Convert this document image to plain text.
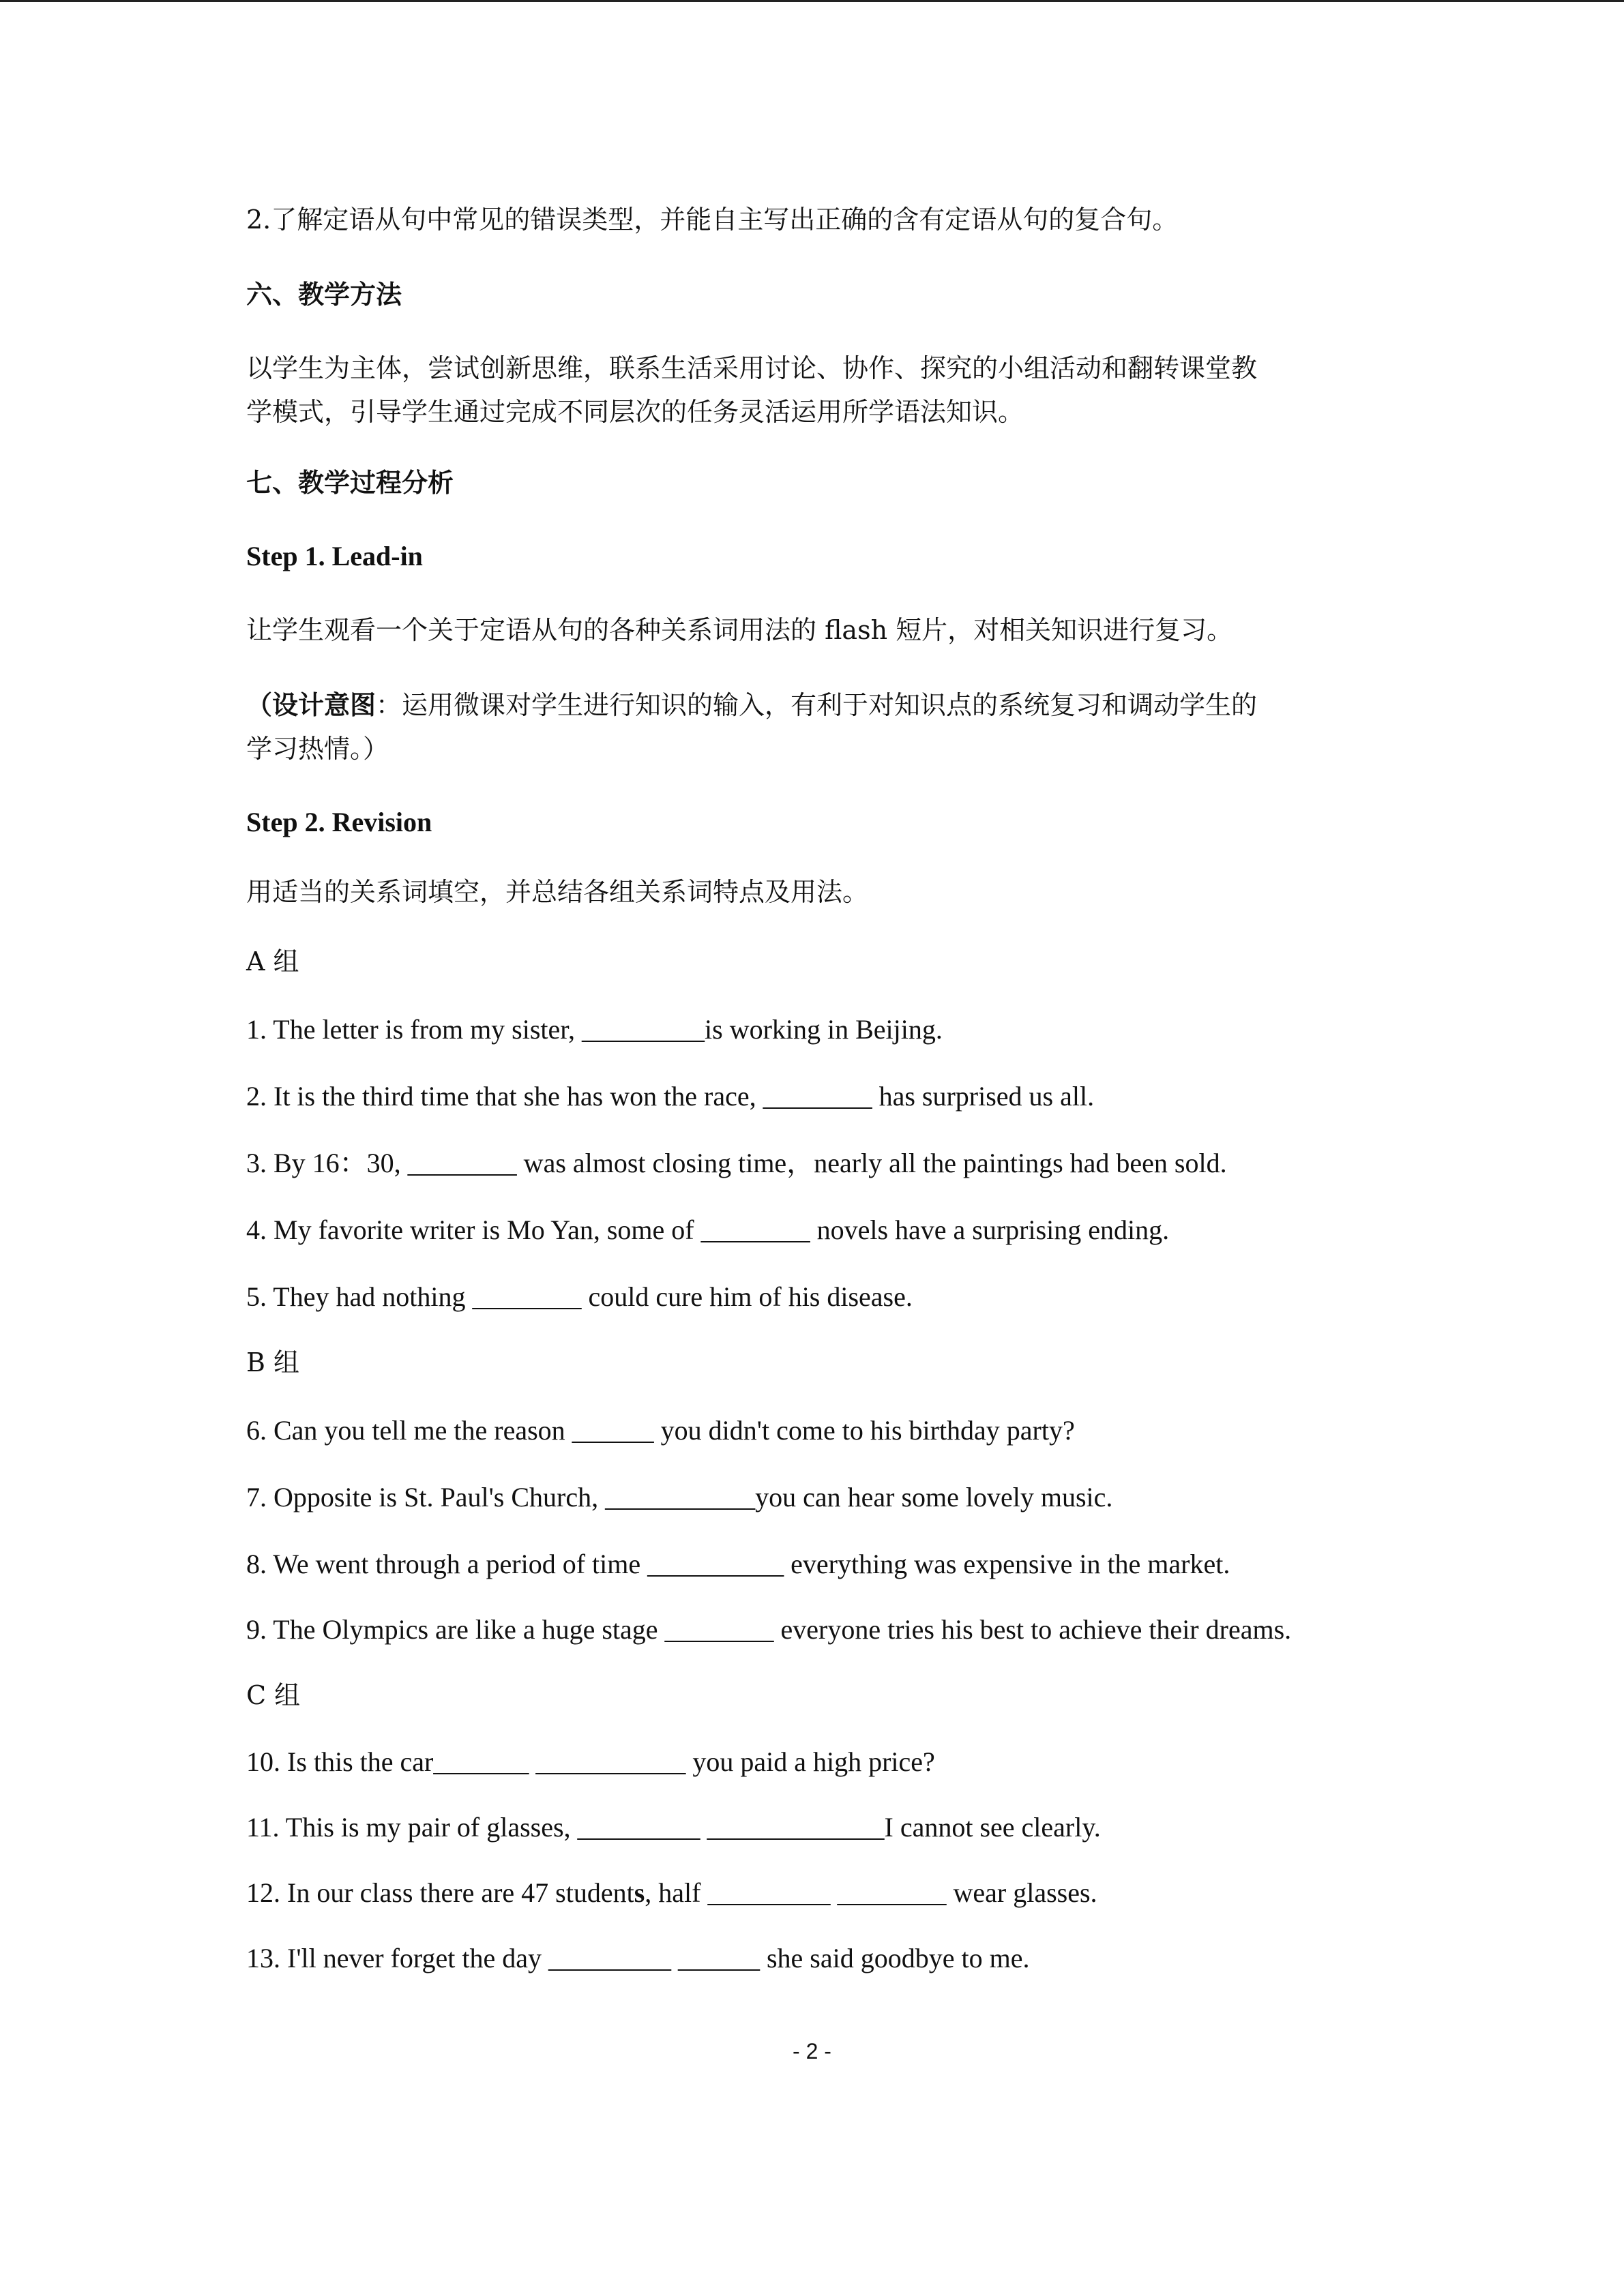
2.了解定语从句中常见的错误类型，并能自主写出正确的含有定语从句的复合句。
六、教学方法
以学生为主体，尝试创新思维，联系生活采用讨论、协作、探究的小组活动和翻转课堂教
学模式，引导学生通过完成不同层次的任务灵活运用所学语法知识。
七、教学过程分析
Step 1. Lead-in
让学生观看一个关于定语从句的各种关系词用法的 flash 短片，对相关知识进行复习。
（设计意图：运用微课对学生进行知识的输入，有利于对知识点的系统复习和调动学生的
学习热情。）
Step 2. Revision
用适当的关系词填空，并总结各组关系词特点及用法。
A 组
1. The letter is from my sister, _________is working in Beijing.
2. It is the third time that she has won the race, ________ has surprised us all.
3. By 16：30, ________ was almost closing time，nearly all the paintings had been sold.
4. My favorite writer is Mo Yan, some of ________ novels have a surprising ending.
5. They had nothing ________ could cure him of his disease.
B 组
6. Can you tell me the reason ______ you didn't come to his birthday party?
7. Opposite is St. Paul's Church, ___________you can hear some lovely music.
8. We went through a period of time __________ everything was expensive in the market.
9. The Olympics are like a huge stage ________ everyone tries his best to achieve their dreams.
C 组
10. Is this the car_______ ___________ you paid a high price?
11. This is my pair of glasses, _________ _____________I cannot see clearly.
12. In our class there are 47 students, half _________ ________ wear glasses.
13. I'll never forget the day _________ ______ she said goodbye to me.
- 2 -
